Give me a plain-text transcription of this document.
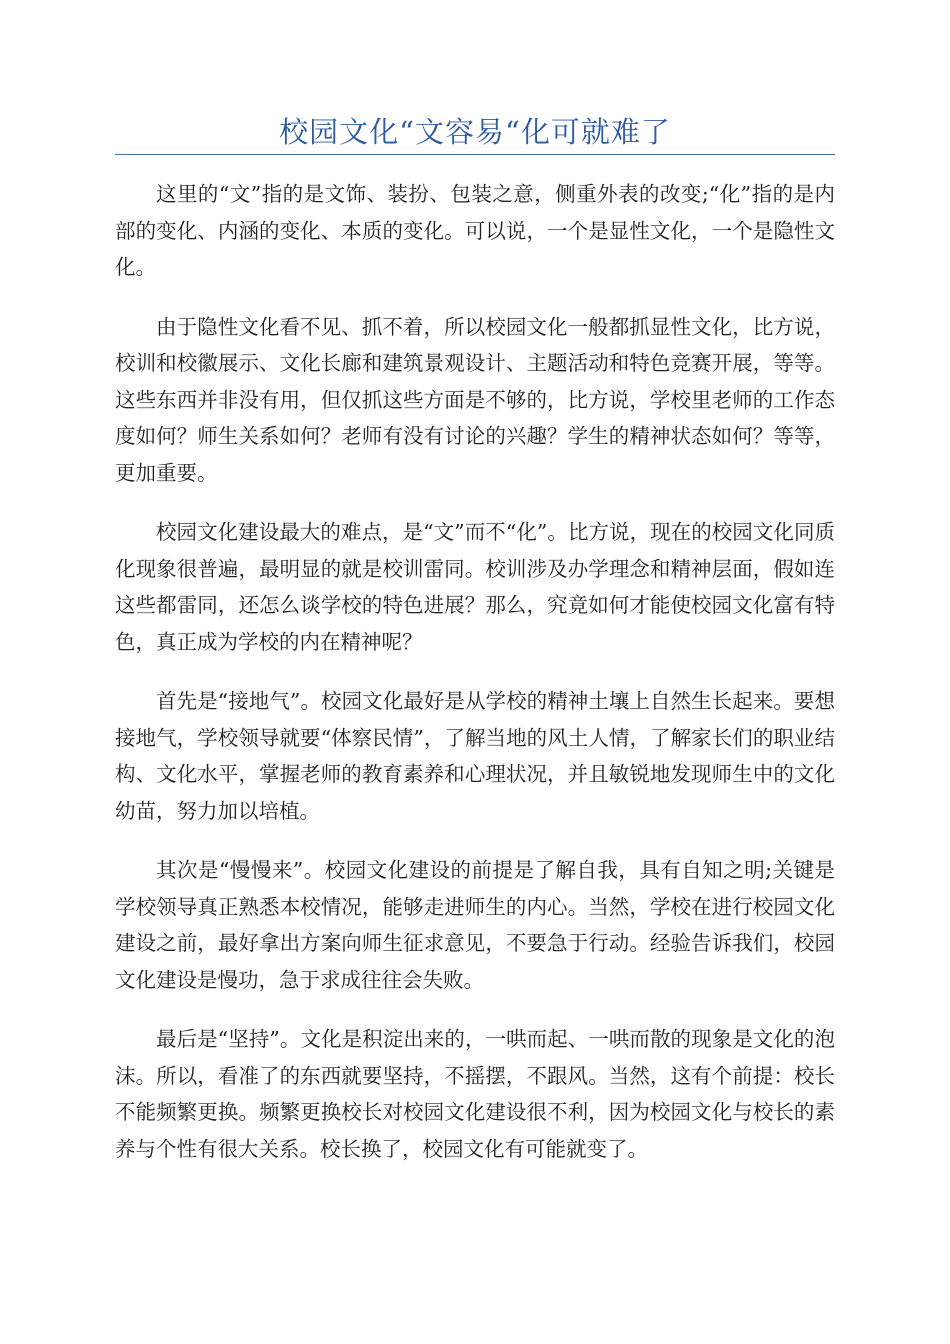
校园文化“文容易“化可就难了

这里的“文”指的是文饰、装扮、包装之意，侧重外表的改变;“化”指的是内部的变化、内涵的变化、本质的变化。可以说，一个是显性文化，一个是隐性文化。

由于隐性文化看不见、抓不着，所以校园文化一般都抓显性文化，比方说，校训和校徽展示、文化长廊和建筑景观设计、主题活动和特色竞赛开展，等等。这些东西并非没有用，但仅抓这些方面是不够的，比方说，学校里老师的工作态度如何？师生关系如何？老师有没有讨论的兴趣？学生的精神状态如何？等等，更加重要。

校园文化建设最大的难点，是“文”而不“化”。比方说，现在的校园文化同质化现象很普遍，最明显的就是校训雷同。校训涉及办学理念和精神层面，假如连这些都雷同，还怎么谈学校的特色进展？那么，究竟如何才能使校园文化富有特色，真正成为学校的内在精神呢？

首先是“接地气”。校园文化最好是从学校的精神土壤上自然生长起来。要想接地气，学校领导就要“体察民情”，了解当地的风土人情，了解家长们的职业结构、文化水平，掌握老师的教育素养和心理状况，并且敏锐地发现师生中的文化幼苗，努力加以培植。

其次是“慢慢来”。校园文化建设的前提是了解自我，具有自知之明;关键是学校领导真正熟悉本校情况，能够走进师生的内心。当然，学校在进行校园文化建设之前，最好拿出方案向师生征求意见，不要急于行动。经验告诉我们，校园文化建设是慢功，急于求成往往会失败。

最后是“坚持”。文化是积淀出来的，一哄而起、一哄而散的现象是文化的泡沫。所以，看准了的东西就要坚持，不摇摆，不跟风。当然，这有个前提：校长不能频繁更换。频繁更换校长对校园文化建设很不利，因为校园文化与校长的素养与个性有很大关系。校长换了，校园文化有可能就变了。
